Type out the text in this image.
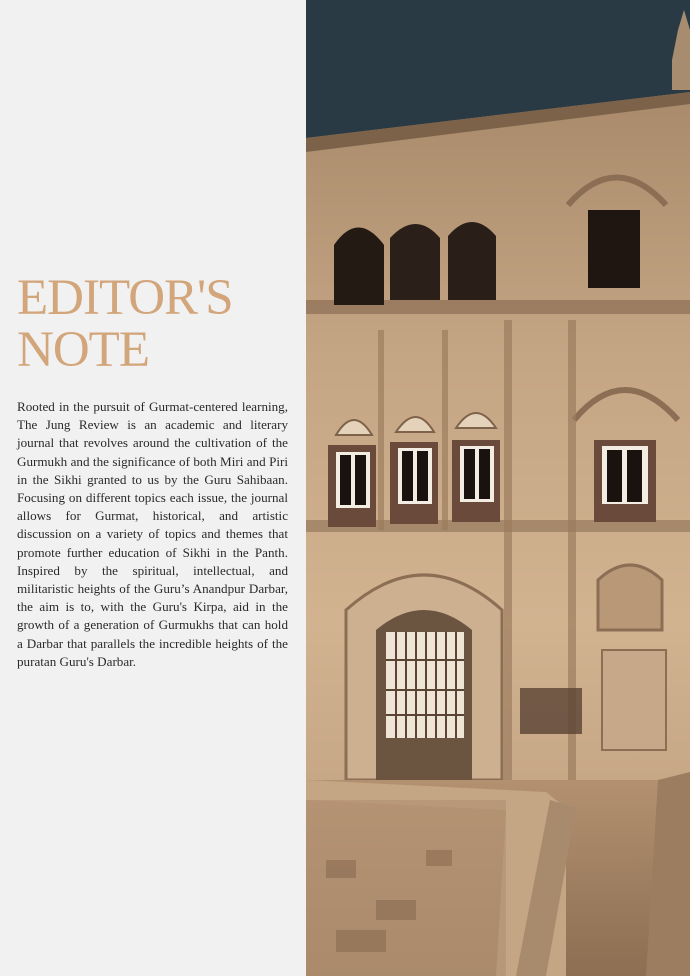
EDITOR'S
NOTE

Rooted in the pursuit of Gurmat-centered learning, The Jung Review is an academic and literary journal that revolves around the cultivation of the Gurmukh and the significance of both Miri and Piri in the Sikhi granted to us by the Guru Sahibaan. Focusing on different topics each issue, the journal allows for Gurmat, historical, and artistic discussion on a variety of topics and themes that promote further education of Sikhi in the Panth. Inspired by the spiritual, intellectual, and militaristic heights of the Guru’s Anandpur Darbar, the aim is to, with the Guru's Kirpa, aid in the growth of a generation of Gurmukhs that can hold a Darbar that parallels the incredible heights of the puratan Guru's Darbar.
